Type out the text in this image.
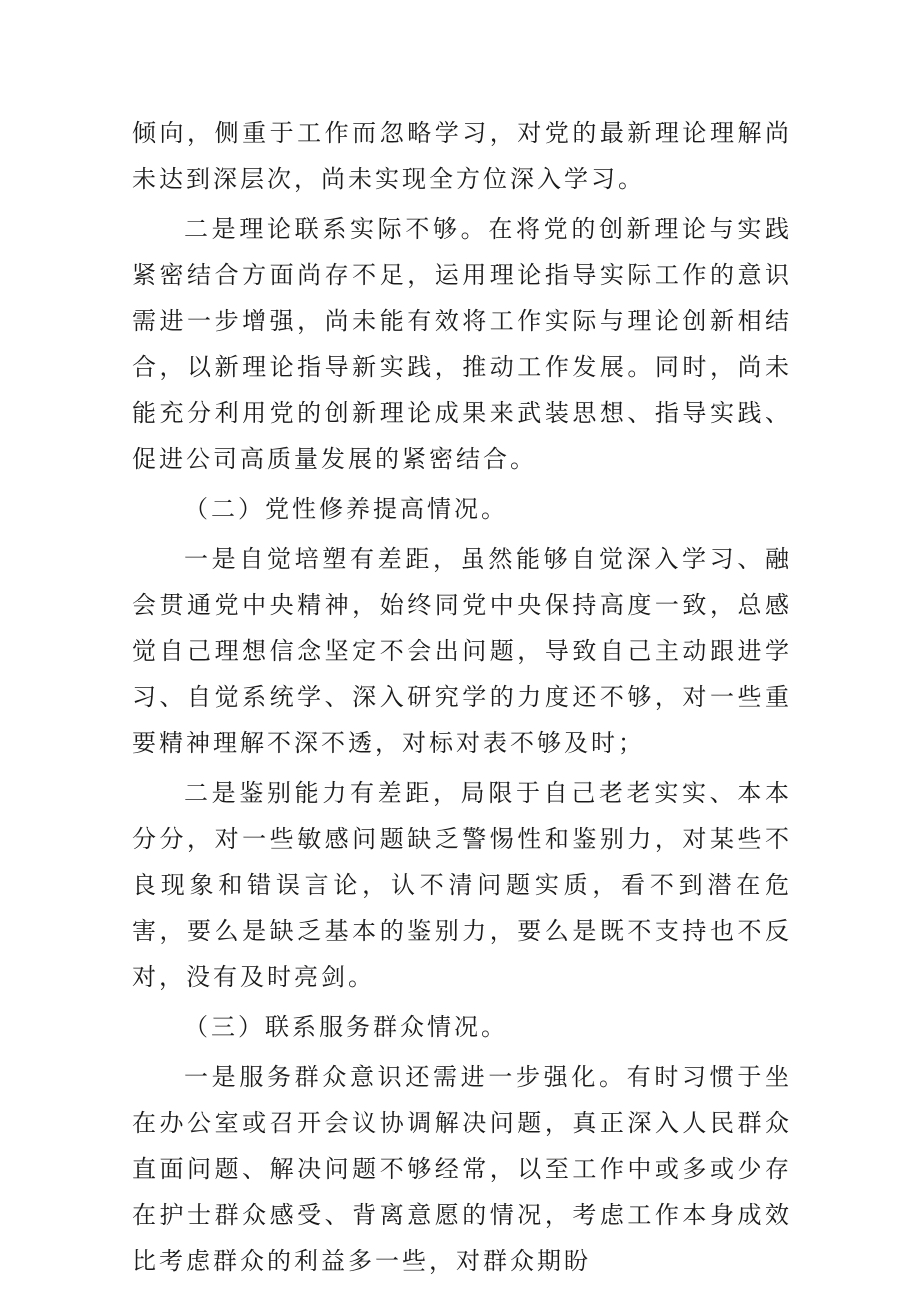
倾向，侧重于工作而忽略学习，对党的最新理论理解尚未达到深层次，尚未实现全方位深入学习。

二是理论联系实际不够。在将党的创新理论与实践紧密结合方面尚存不足，运用理论指导实际工作的意识需进一步增强，尚未能有效将工作实际与理论创新相结合，以新理论指导新实践，推动工作发展。同时，尚未能充分利用党的创新理论成果来武装思想、指导实践、促进公司高质量发展的紧密结合。

（二）党性修养提高情况。

一是自觉培塑有差距，虽然能够自觉深入学习、融会贯通党中央精神，始终同党中央保持高度一致，总感觉自己理想信念坚定不会出问题，导致自己主动跟进学习、自觉系统学、深入研究学的力度还不够，对一些重要精神理解不深不透，对标对表不够及时；

二是鉴别能力有差距，局限于自己老老实实、本本分分，对一些敏感问题缺乏警惕性和鉴别力，对某些不良现象和错误言论，认不清问题实质，看不到潜在危害，要么是缺乏基本的鉴别力，要么是既不支持也不反对，没有及时亮剑。

（三）联系服务群众情况。

一是服务群众意识还需进一步强化。有时习惯于坐在办公室或召开会议协调解决问题，真正深入人民群众直面问题、解决问题不够经常，以至工作中或多或少存在护士群众感受、背离意愿的情况，考虑工作本身成效比考虑群众的利益多一些，对群众期盼
